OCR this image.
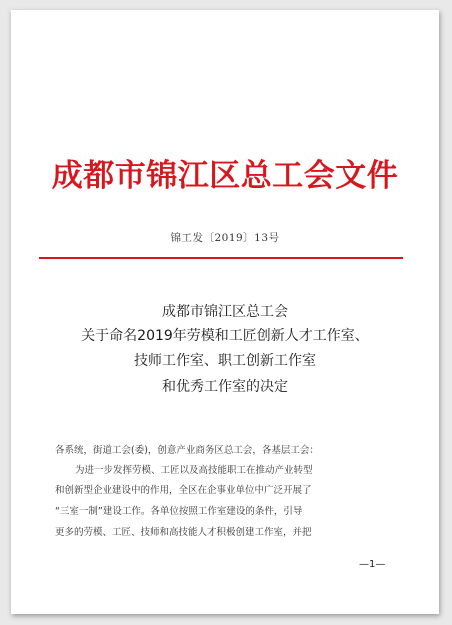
成都市锦江区总工会文件
锦工发〔2019〕13号
成都市锦江区总工会
关于命名2019年劳模和工匠创新人才工作室、
技师工作室、职工创新工作室
和优秀工作室的决定
各系统，街道工会(委)，创意产业商务区总工会，各基层工会：
为进一步发挥劳模、工匠以及高技能职工在推动产业转型
和创新型企业建设中的作用，全区在企事业单位中广泛开展了
“三室一制”建设工作。各单位按照工作室建设的条件，引导
更多的劳模、工匠、技师和高技能人才积极创建工作室，并把
—1—
